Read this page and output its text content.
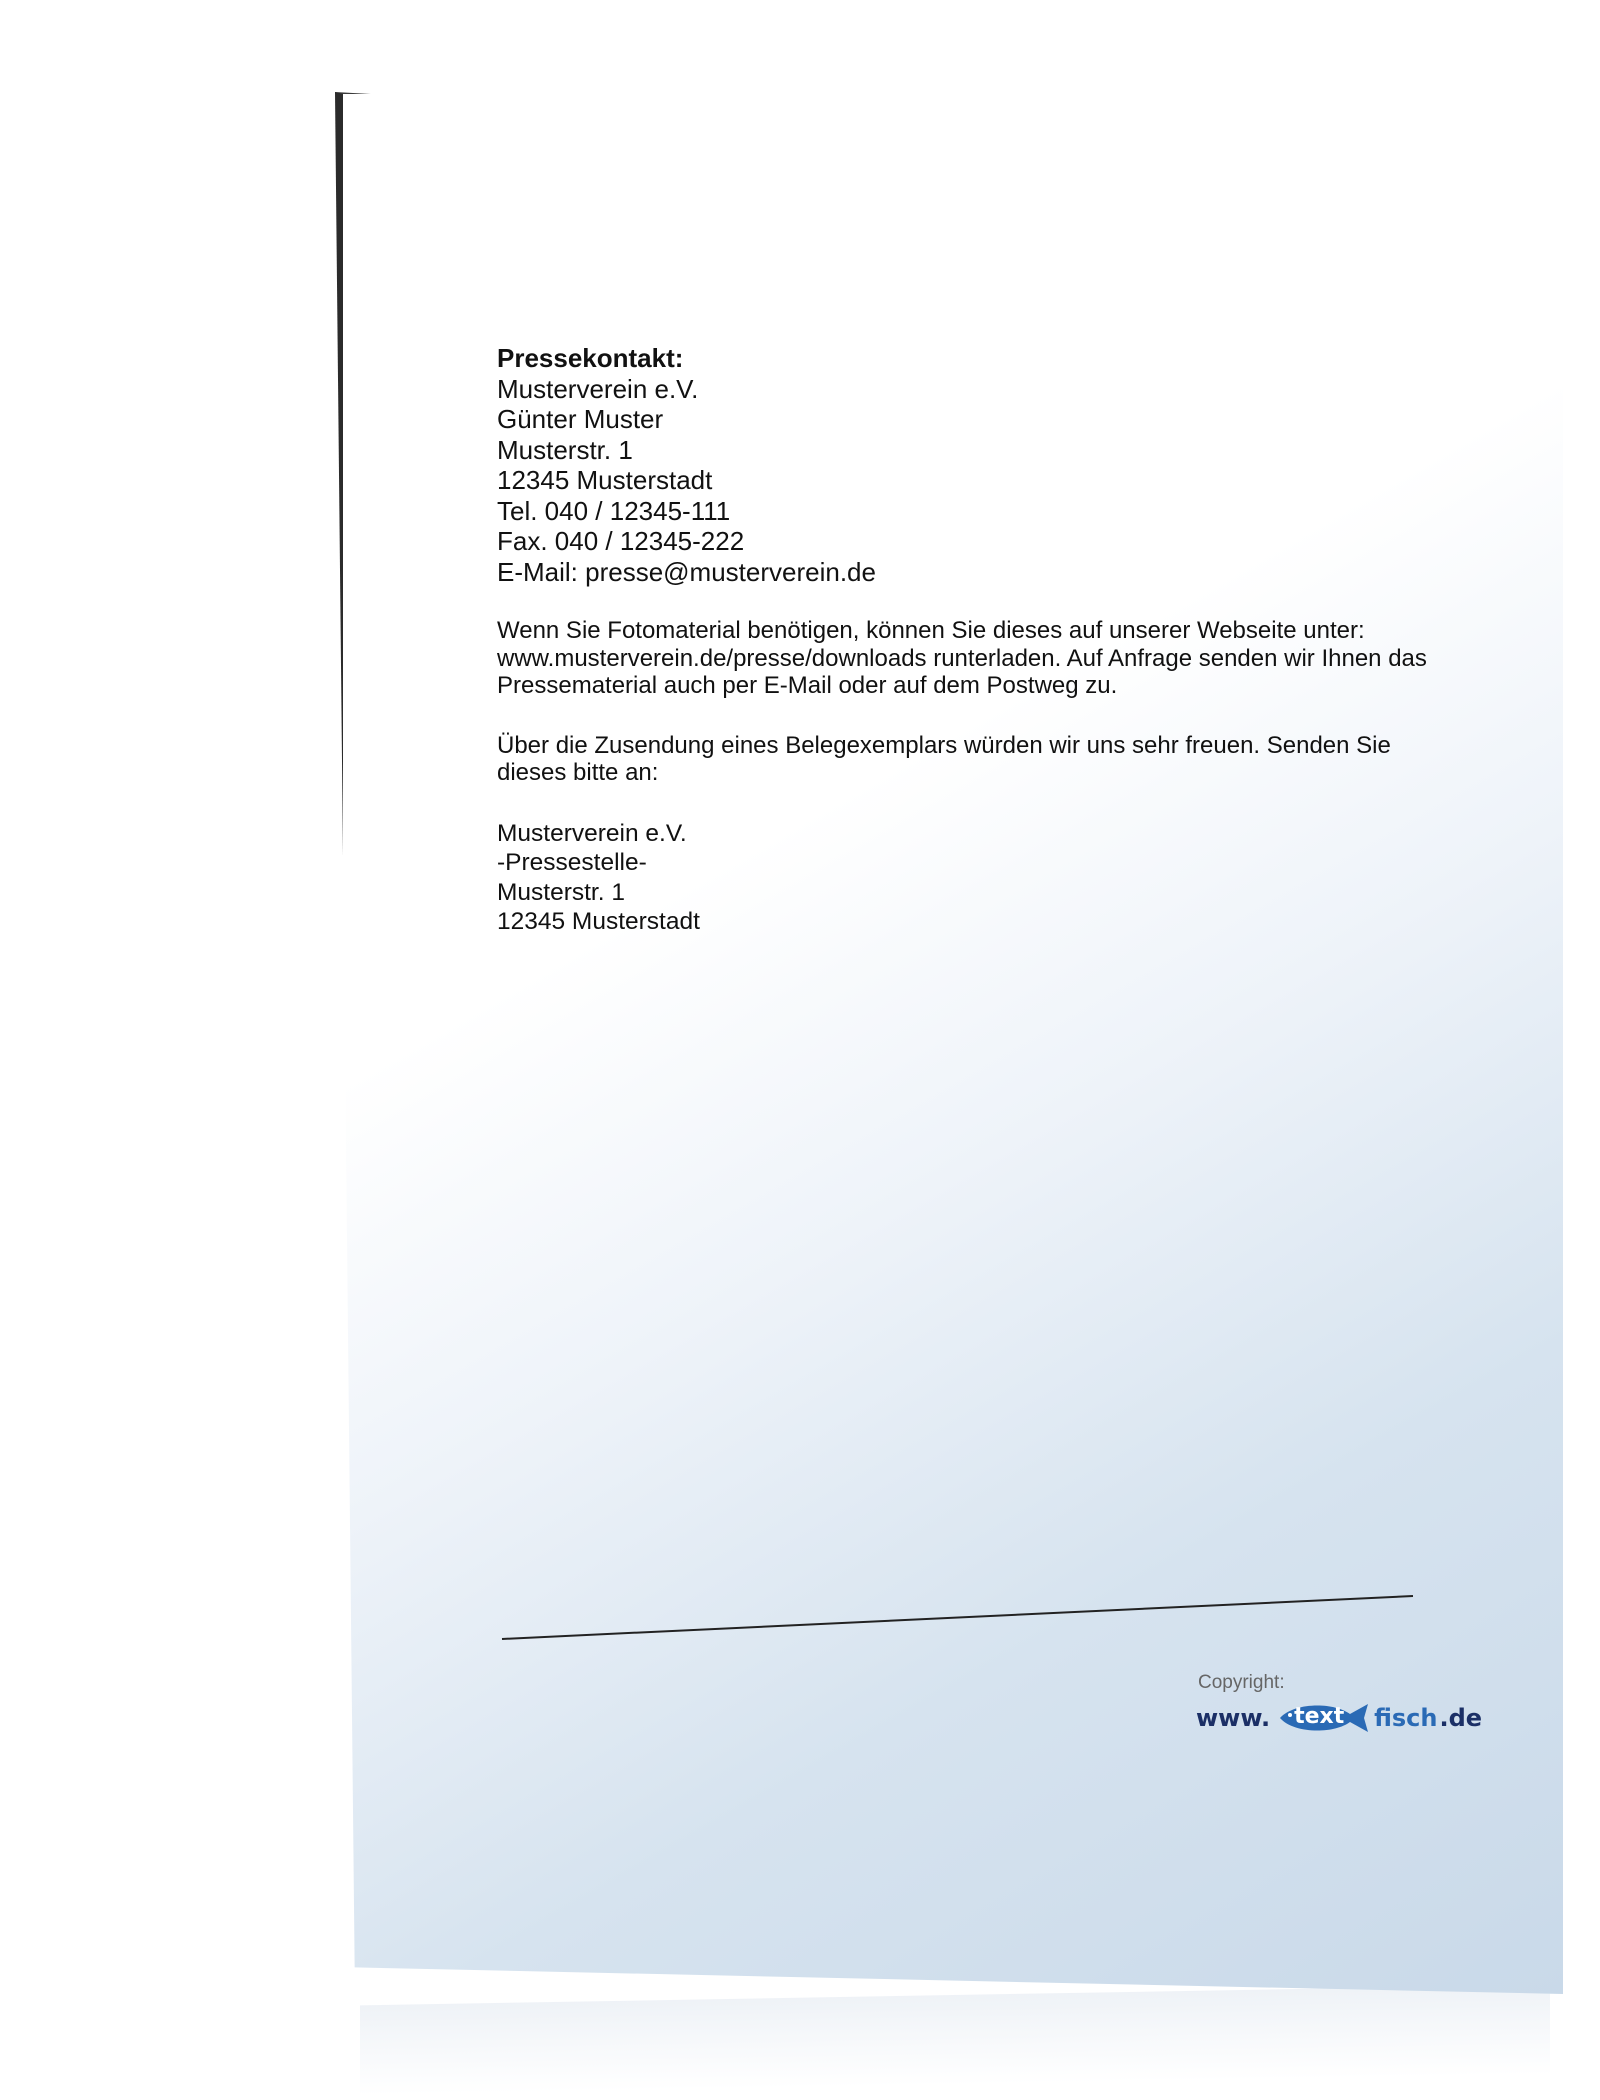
Pressekontakt:
Musterverein e.V.
Günter Muster
Musterstr. 1
12345 Musterstadt
Tel. 040 / 12345-111
Fax. 040 / 12345-222
E-Mail: presse@musterverein.de
Wenn Sie Fotomaterial benötigen, können Sie dieses auf unserer Webseite unter:
www.musterverein.de/presse/downloads runterladen. Auf Anfrage senden wir Ihnen das
Pressematerial auch per E-Mail oder auf dem Postweg zu.
Über die Zusendung eines Belegexemplars würden wir uns sehr freuen. Senden Sie
dieses bitte an:
Musterverein e.V.
-Pressestelle-
Musterstr. 1
12345 Musterstadt
Copyright:
www. text fisch .de
